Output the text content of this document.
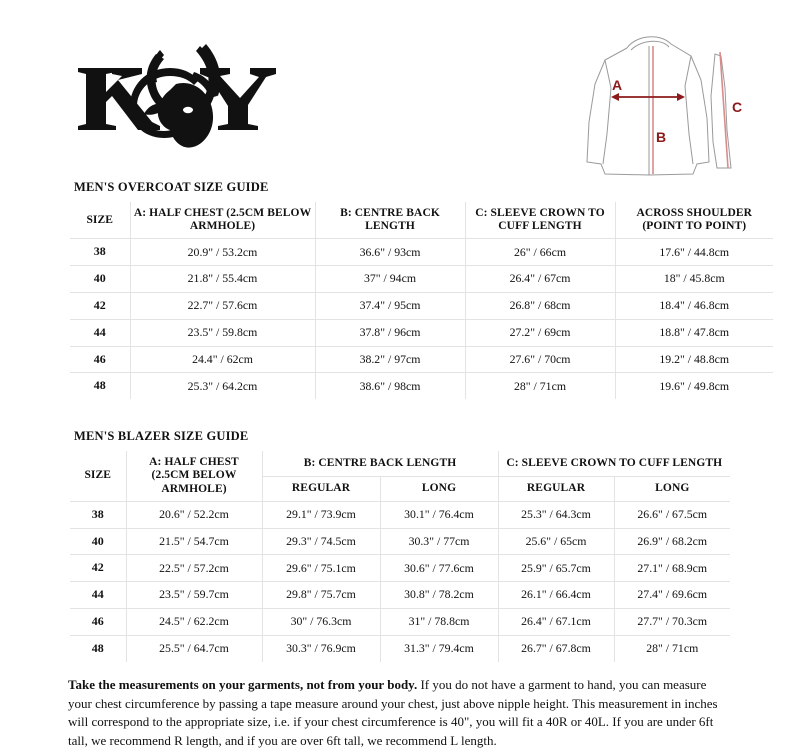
A
B
C
MEN'S OVERCOAT SIZE GUIDE
SIZE	A: HALF CHEST (2.5CM BELOW ARMHOLE)	B: CENTRE BACK LENGTH	C: SLEEVE CROWN TO CUFF LENGTH	ACROSS SHOULDER (POINT TO POINT)
38	20.9" / 53.2cm	36.6" / 93cm	26" / 66cm	17.6" / 44.8cm
40	21.8" / 55.4cm	37" / 94cm	26.4" / 67cm	18" / 45.8cm
42	22.7" / 57.6cm	37.4" / 95cm	26.8" / 68cm	18.4" / 46.8cm
44	23.5" / 59.8cm	37.8" / 96cm	27.2" / 69cm	18.8" / 47.8cm
46	24.4" / 62cm	38.2" / 97cm	27.6" / 70cm	19.2" / 48.8cm
48	25.3" / 64.2cm	38.6" / 98cm	28" / 71cm	19.6" / 49.8cm
MEN'S BLAZER SIZE GUIDE
SIZE	A: HALF CHEST (2.5CM BELOW ARMHOLE)	B: CENTRE BACK LENGTH		C: SLEEVE CROWN TO CUFF LENGTH	
		REGULAR	LONG	REGULAR	LONG
38	20.6" / 52.2cm	29.1" / 73.9cm	30.1" / 76.4cm	25.3" / 64.3cm	26.6" / 67.5cm
40	21.5" / 54.7cm	29.3" / 74.5cm	30.3" / 77cm	25.6" / 65cm	26.9" / 68.2cm
42	22.5" / 57.2cm	29.6" / 75.1cm	30.6" / 77.6cm	25.9" / 65.7cm	27.1" / 68.9cm
44	23.5" / 59.7cm	29.8" / 75.7cm	30.8" / 78.2cm	26.1" / 66.4cm	27.4" / 69.6cm
46	24.5" / 62.2cm	30" / 76.3cm	31" / 78.8cm	26.4" / 67.1cm	27.7" / 70.3cm
48	25.5" / 64.7cm	30.3" / 76.9cm	31.3" / 79.4cm	26.7" / 67.8cm	28" / 71cm
Take the measurements on your garments, not from your body. If you do not have a garment to hand, you can measure your chest circumference by passing a tape measure around your chest, just above nipple height. This measurement in inches will correspond to the appropriate size, i.e. if your chest circumference is 40", you will fit a 40R or 40L. If you are under 6ft tall, we recommend R length, and if you are over 6ft tall, we recommend L length.
